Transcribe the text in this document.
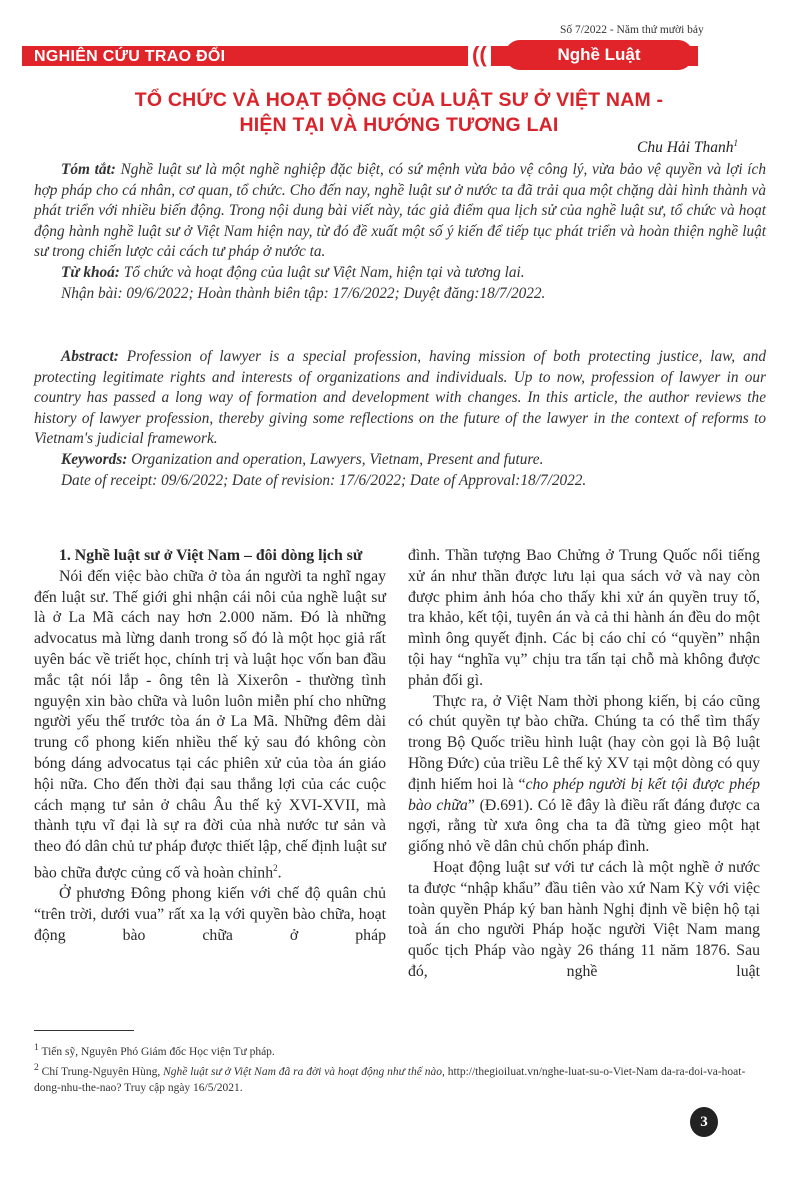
Số 7/2022 - Năm thứ mười bảy
NGHIÊN CỨU TRAO ĐỔI	((	Nghề Luật
TỔ CHỨC VÀ HOẠT ĐỘNG CỦA LUẬT SƯ Ở VIỆT NAM -
HIỆN TẠI VÀ HƯỚNG TƯƠNG LAI
Chu Hải Thanh$^1$

Tóm tắt: Nghề luật sư là một nghề nghiệp đặc biệt, có sứ mệnh vừa bảo vệ công lý, vừa bảo vệ quyền và lợi ích hợp pháp cho cá nhân, cơ quan, tổ chức. Cho đến nay, nghề luật sư ở nước ta đã trải qua một chặng dài hình thành và phát triển với nhiều biến động. Trong nội dung bài viết này, tác giả điểm qua lịch sử của nghề luật sư, tổ chức và hoạt động hành nghề luật sư ở Việt Nam hiện nay, từ đó đề xuất một số ý kiến để tiếp tục phát triển và hoàn thiện nghề luật sư trong chiến lược cải cách tư pháp ở nước ta.

Từ khoá: Tổ chức và hoạt động của luật sư Việt Nam, hiện tại và tương lai.

Nhận bài: 09/6/2022; Hoàn thành biên tập: 17/6/2022; Duyệt đăng:18/7/2022.

Abstract: Profession of lawyer is a special profession, having mission of both protecting justice, law, and protecting legitimate rights and interests of organizations and individuals. Up to now, profession of lawyer in our country has passed a long way of formation and development with changes. In this article, the author reviews the history of lawyer profession, thereby giving some reflections on the future of the lawyer in the context of reforms to Vietnam's judicial framework.

Keywords: Organization and operation, Lawyers, Vietnam, Present and future.

Date of receipt: 09/6/2022; Date of revision: 17/6/2022; Date of Approval:18/7/2022.

1. Nghề luật sư ở Việt Nam – đôi dòng lịch sử

Nói đến việc bào chữa ở tòa án người ta nghĩ ngay đến luật sư. Thế giới ghi nhận cái nôi của nghề luật sư là ở La Mã cách nay hơn 2.000 năm. Đó là những advocatus mà lừng danh trong số đó là một học giả rất uyên bác về triết học, chính trị và luật học vốn ban đầu mắc tật nói lắp - ông tên là Xixerôn - thường tình nguyện xin bào chữa và luôn luôn miễn phí cho những người yếu thế trước tòa án ở La Mã. Những đêm dài trung cổ phong kiến nhiều thế kỷ sau đó không còn bóng dáng advocatus tại các phiên xử của tòa án giáo hội nữa. Cho đến thời đại sau thắng lợi của các cuộc cách mạng tư sản ở châu Âu thế kỷ XVI-XVII, mà thành tựu vĩ đại là sự ra đời của nhà nước tư sản và theo đó dân chủ tư pháp được thiết lập, chế định luật sư bào chữa được củng cố và hoàn chỉnh$^2$.

Ở phương Đông phong kiến với chế độ quân chủ “trên trời, dưới vua” rất xa lạ với quyền bào chữa, hoạt động bào chữa ở pháp

đình. Thần tượng Bao Chửng ở Trung Quốc nổi tiếng xử án như thần được lưu lại qua sách vở và nay còn được phim ảnh hóa cho thấy khi xử án quyền truy tố, tra khảo, kết tội, tuyên án và cả thi hành án đều do một mình ông quyết định. Các bị cáo chỉ có “quyền” nhận tội hay “nghĩa vụ” chịu tra tấn tại chỗ mà không được phản đối gì.

Thực ra, ở Việt Nam thời phong kiến, bị cáo cũng có chút quyền tự bào chữa. Chúng ta có thể tìm thấy trong Bộ Quốc triều hình luật (hay còn gọi là Bộ luật Hồng Đức) của triều Lê thế kỷ XV tại một dòng có quy định hiếm hoi là “cho phép người bị kết tội được phép bào chữa” (Đ.691). Có lẽ đây là điều rất đáng được ca ngợi, rằng từ xưa ông cha ta đã từng gieo một hạt giống nhỏ về dân chủ chốn pháp đình.

Hoạt động luật sư với tư cách là một nghề ở nước ta được “nhập khẩu” đầu tiên vào xứ Nam Kỳ với việc toàn quyền Pháp ký ban hành Nghị định về biện hộ tại toà án cho người Pháp hoặc người Việt Nam mang quốc tịch Pháp vào ngày 26 tháng 11 năm 1876. Sau đó, nghề luật

$^1$ Tiến sỹ, Nguyên Phó Giám đốc Học viện Tư pháp.
$^2$ Chí Trung-Nguyên Hùng, Nghề luật sư ở Việt Nam đã ra đời và hoạt động như thế nào, http://thegioiluat.vn/nghe-luat-su-o-Viet-Nam da-ra-doi-va-hoat-dong-nhu-the-nao? Truy cập ngày 16/5/2021.
3
